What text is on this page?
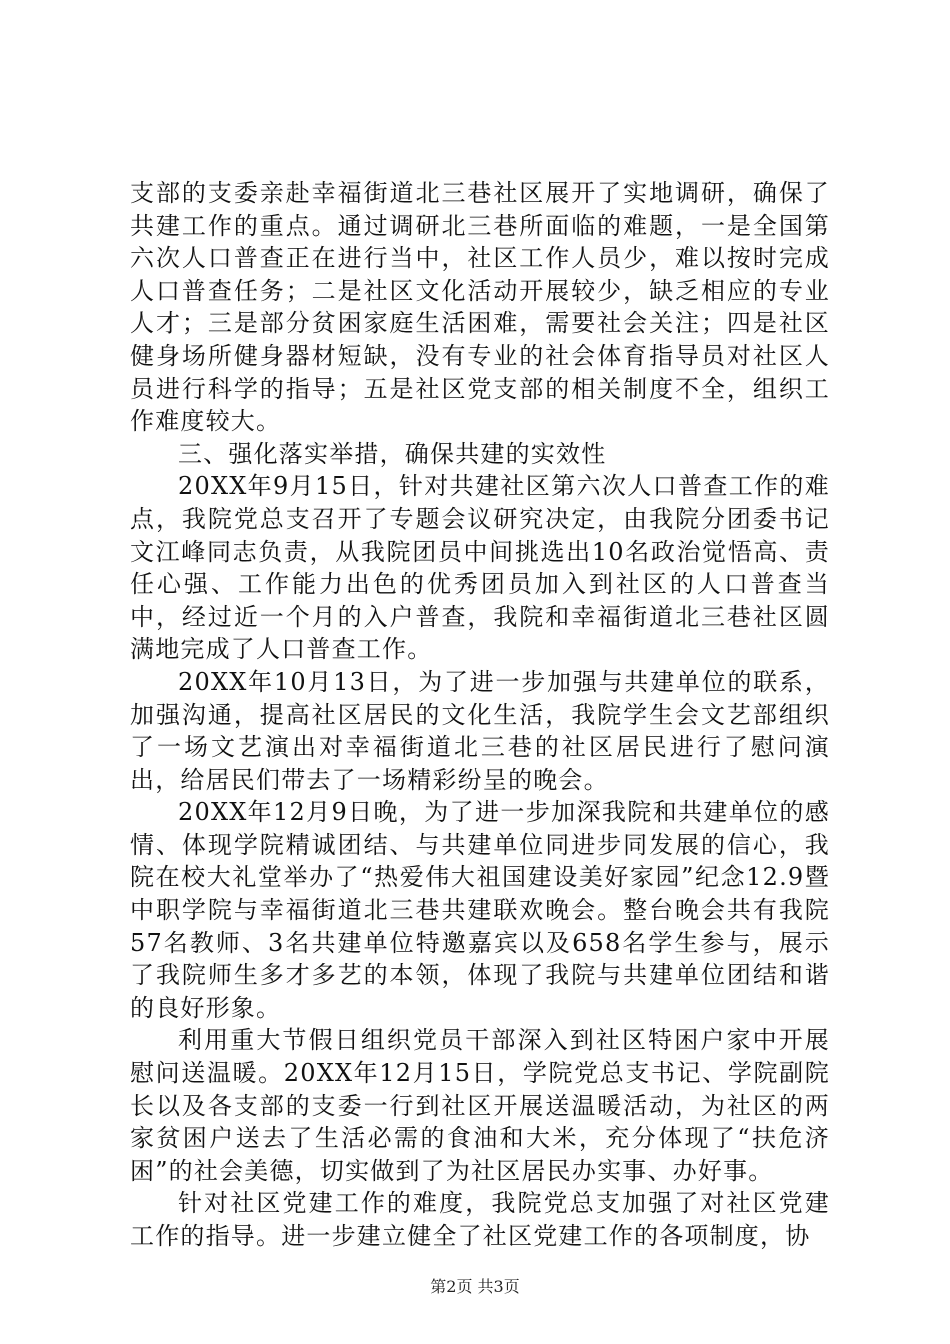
支部的支委亲赴幸福街道北三巷社区展开了实地调研，确保了共建工作的重点。通过调研北三巷所面临的难题，一是全国第六次人口普查正在进行当中，社区工作人员少，难以按时完成人口普查任务；二是社区文化活动开展较少，缺乏相应的专业人才；三是部分贫困家庭生活困难，需要社会关注；四是社区健身场所健身器材短缺，没有专业的社会体育指导员对社区人员进行科学的指导；五是社区党支部的相关制度不全，组织工作难度较大。

三、强化落实举措，确保共建的实效性

20XX年9月15日，针对共建社区第六次人口普查工作的难点，我院党总支召开了专题会议研究决定，由我院分团委书记文江峰同志负责，从我院团员中间挑选出10名政治觉悟高、责任心强、工作能力出色的优秀团员加入到社区的人口普查当中，经过近一个月的入户普查，我院和幸福街道北三巷社区圆满地完成了人口普查工作。

20XX年10月13日，为了进一步加强与共建单位的联系，加强沟通，提高社区居民的文化生活，我院学生会文艺部组织了一场文艺演出对幸福街道北三巷的社区居民进行了慰问演出，给居民们带去了一场精彩纷呈的晚会。

20XX年12月9日晚，为了进一步加深我院和共建单位的感情、体现学院精诚团结、与共建单位同进步同发展的信心，我院在校大礼堂举办了“热爱伟大祖国建设美好家园”纪念12.9暨中职学院与幸福街道北三巷共建联欢晚会。整台晚会共有我院57名教师、3名共建单位特邀嘉宾以及658名学生参与，展示了我院师生多才多艺的本领，体现了我院与共建单位团结和谐的良好形象。

利用重大节假日组织党员干部深入到社区特困户家中开展慰问送温暖。20XX年12月15日，学院党总支书记、学院副院长以及各支部的支委一行到社区开展送温暖活动，为社区的两家贫困户送去了生活必需的食油和大米，充分体现了“扶危济困”的社会美德，切实做到了为社区居民办实事、办好事。

针对社区党建工作的难度，我院党总支加强了对社区党建工作的指导。进一步建立健全了社区党建工作的各项制度，协

第2页 共3页
